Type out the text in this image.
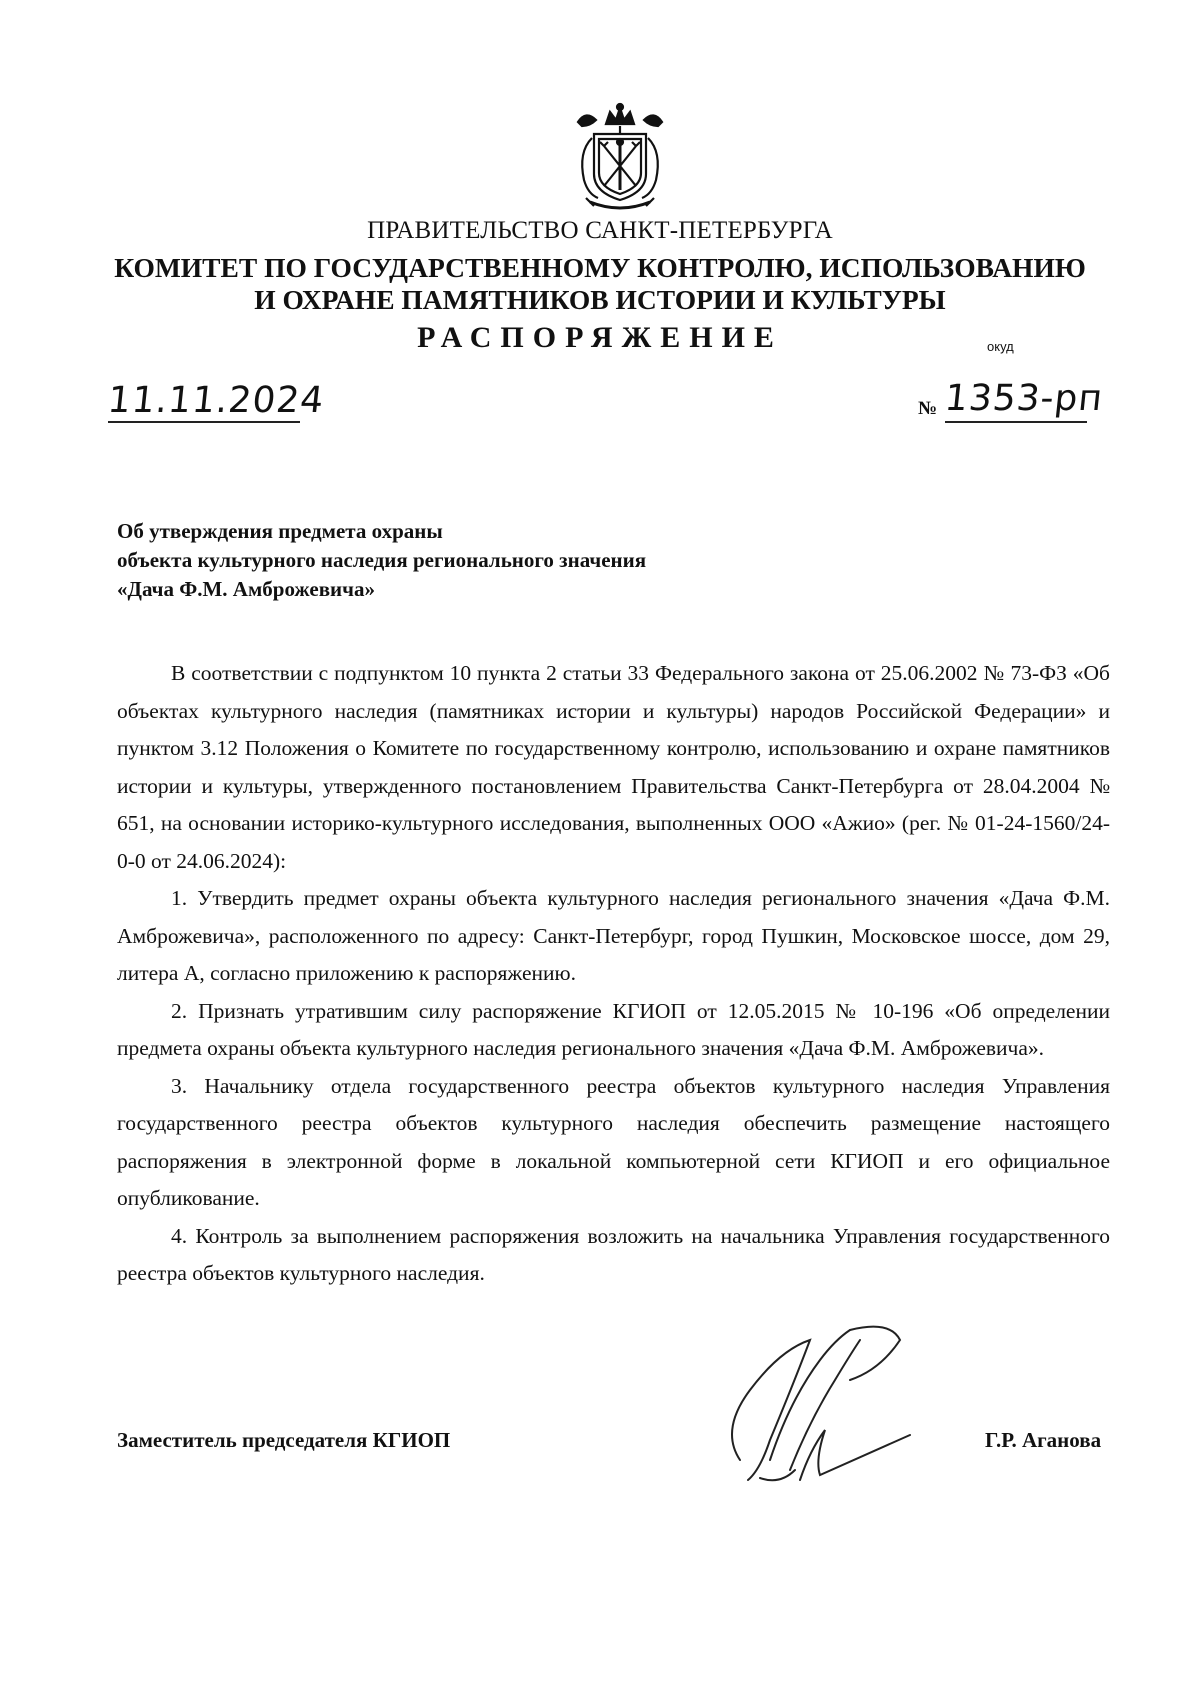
ПРАВИТЕЛЬСТВО САНКТ-ПЕТЕРБУРГА
КОМИТЕТ ПО ГОСУДАРСТВЕННОМУ КОНТРОЛЮ, ИСПОЛЬЗОВАНИЮ
И ОХРАНЕ ПАМЯТНИКОВ ИСТОРИИ И КУЛЬТУРЫ
РАСПОРЯЖЕНИЕ	окуд
11.11.2024	№ 1353-рп
Об утверждения предмета охраны
объекта культурного наследия регионального значения
«Дача Ф.М. Амброжевича»

В соответствии с подпунктом 10 пункта 2 статьи 33 Федерального закона от 25.06.2002 № 73-ФЗ «Об объектах культурного наследия (памятниках истории и культуры) народов Российской Федерации» и пунктом 3.12 Положения о Комитете по государственному контролю, использованию и охране памятников истории и культуры, утвержденного постановлением Правительства Санкт-Петербурга от 28.04.2004 № 651, на основании историко-культурного исследования, выполненных ООО «Ажио» (рег. № 01-24-1560/24-0-0 от 24.06.2024):

1. Утвердить предмет охраны объекта культурного наследия регионального значения «Дача Ф.М. Амброжевича», расположенного по адресу: Санкт-Петербург, город Пушкин, Московское шоссе, дом 29, литера А, согласно приложению к распоряжению.

2. Признать утратившим силу распоряжение КГИОП от 12.05.2015 № 10-196 «Об определении предмета охраны объекта культурного наследия регионального значения «Дача Ф.М. Амброжевича».

3. Начальнику отдела государственного реестра объектов культурного наследия Управления государственного реестра объектов культурного наследия обеспечить размещение настоящего распоряжения в электронной форме в локальной компьютерной сети КГИОП и его официальное опубликование.

4. Контроль за выполнением распоряжения возложить на начальника Управления государственного реестра объектов культурного наследия.

Заместитель председателя КГИОП	Г.Р. Аганова
